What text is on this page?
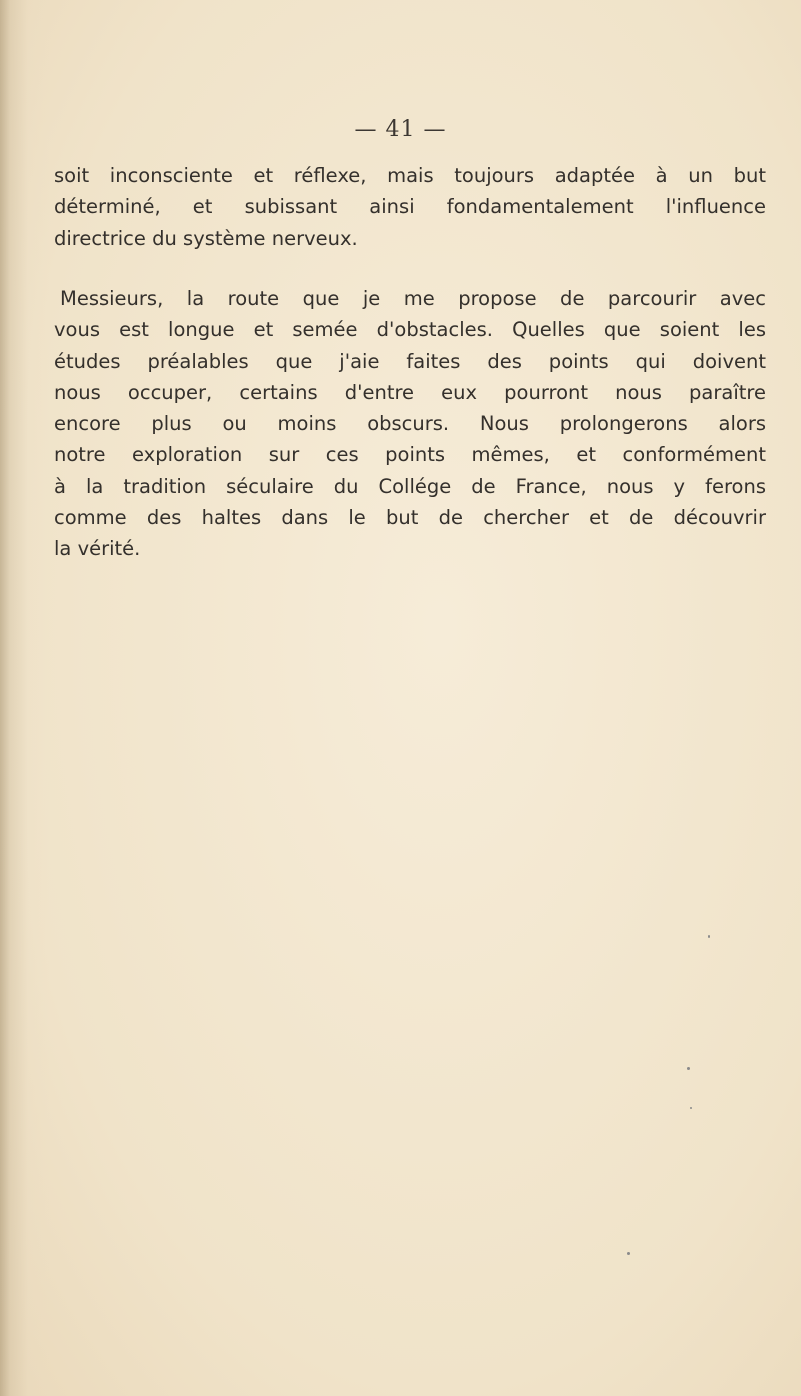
— 41 —

soit inconsciente et réflexe, mais toujours adaptée à un but
déterminé, et subissant ainsi fondamentalement l'influence
directrice du système nerveux.
Messieurs, la route que je me propose de parcourir avec
vous est longue et semée d'obstacles. Quelles que soient les
études préalables que j'aie faites des points qui doivent
nous occuper, certains d'entre eux pourront nous paraître
encore plus ou moins obscurs. Nous prolongerons alors
notre exploration sur ces points mêmes, et conformément
à la tradition séculaire du Collége de France, nous y ferons
comme des haltes dans le but de chercher et de découvrir
la vérité.
